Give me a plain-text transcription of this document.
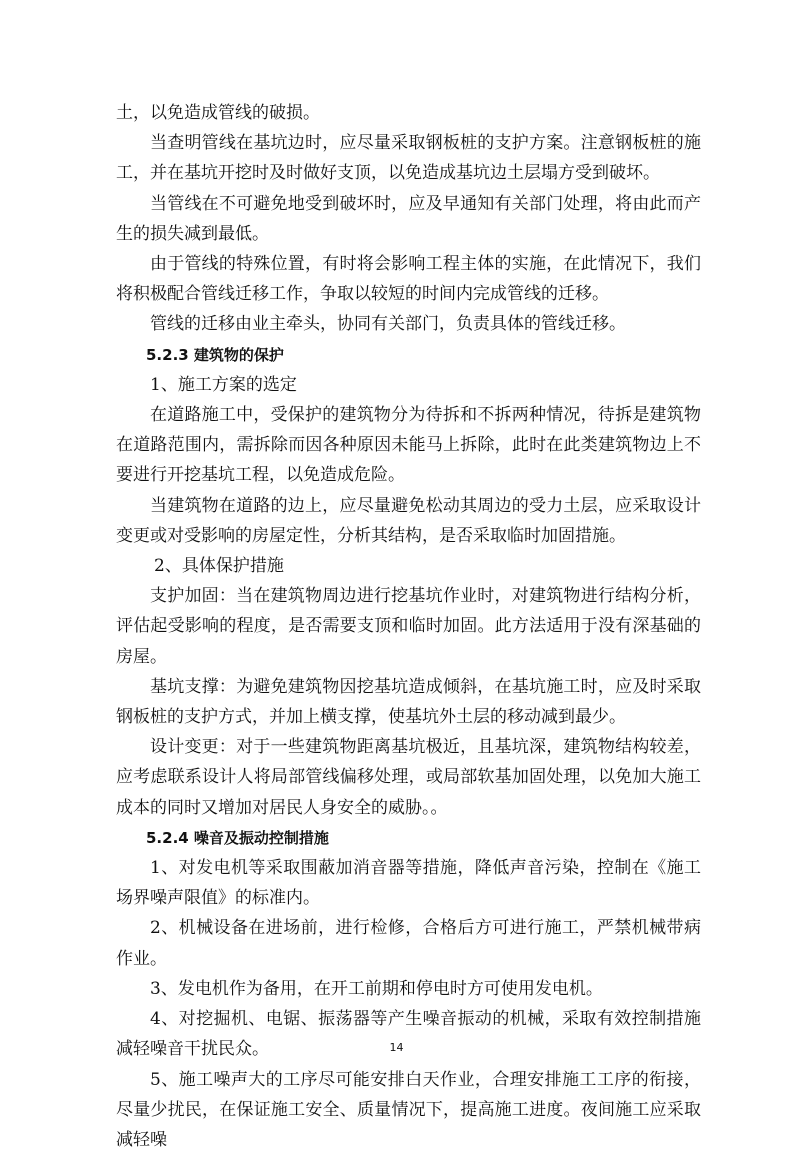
土，以免造成管线的破损。

当查明管线在基坑边时，应尽量采取钢板桩的支护方案。注意钢板桩的施工，并在基坑开挖时及时做好支顶，以免造成基坑边土层塌方受到破坏。

当管线在不可避免地受到破坏时，应及早通知有关部门处理，将由此而产生的损失减到最低。

由于管线的特殊位置，有时将会影响工程主体的实施，在此情况下，我们将积极配合管线迁移工作，争取以较短的时间内完成管线的迁移。

管线的迁移由业主牵头，协同有关部门，负责具体的管线迁移。

5.2.3 建筑物的保护

1、施工方案的选定

在道路施工中，受保护的建筑物分为待拆和不拆两种情况，待拆是建筑物在道路范围内，需拆除而因各种原因未能马上拆除，此时在此类建筑物边上不要进行开挖基坑工程，以免造成危险。

当建筑物在道路的边上，应尽量避免松动其周边的受力土层，应采取设计变更或对受影响的房屋定性，分析其结构，是否采取临时加固措施。

2、具体保护措施

支护加固：当在建筑物周边进行挖基坑作业时，对建筑物进行结构分析，评估起受影响的程度，是否需要支顶和临时加固。此方法适用于没有深基础的房屋。

基坑支撑：为避免建筑物因挖基坑造成倾斜，在基坑施工时，应及时采取钢板桩的支护方式，并加上横支撑，使基坑外土层的移动减到最少。

设计变更：对于一些建筑物距离基坑极近，且基坑深，建筑物结构较差，应考虑联系设计人将局部管线偏移处理，或局部软基加固处理，以免加大施工成本的同时又增加对居民人身安全的威胁。。

5.2.4 噪音及振动控制措施

1、对发电机等采取围蔽加消音器等措施，降低声音污染，控制在《施工场界噪声限值》的标准内。

2、机械设备在进场前，进行检修，合格后方可进行施工，严禁机械带病作业。

3、发电机作为备用，在开工前期和停电时方可使用发电机。

4、对挖掘机、电锯、振荡器等产生噪音振动的机械，采取有效控制措施减轻噪音干扰民众。

5、施工噪声大的工序尽可能安排白天作业，合理安排施工工序的衔接，尽量少扰民，在保证施工安全、质量情况下，提高施工进度。夜间施工应采取减轻噪

14
